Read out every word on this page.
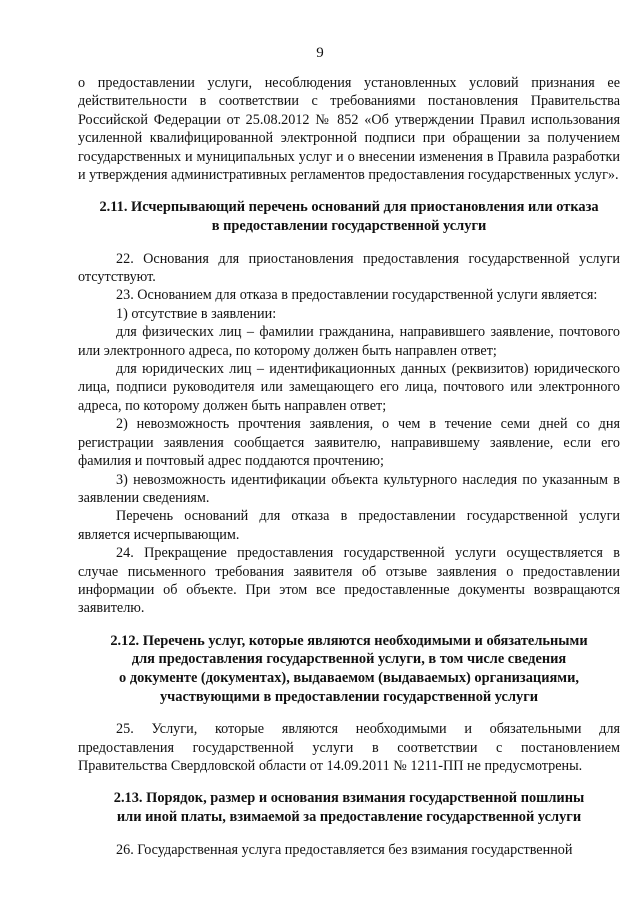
9

о предоставлении услуги, несоблюдения установленных условий признания ее действительности в соответствии с требованиями постановления Правительства Российской Федерации от 25.08.2012 № 852 «Об утверждении Правил использования усиленной квалифицированной электронной подписи при обращении за получением государственных и муниципальных услуг и о внесении изменения в Правила разработки и утверждения административных регламентов предоставления государственных услуг».

2.11. Исчерпывающий перечень оснований для приостановления или отказа

в предоставлении государственной услуги

22. Основания для приостановления предоставления государственной услуги отсутствуют.

23. Основанием для отказа в предоставлении государственной услуги является:

1) отсутствие в заявлении:

для физических лиц – фамилии гражданина, направившего заявление, почтового или электронного адреса, по которому должен быть направлен ответ;

для юридических лиц – идентификационных данных (реквизитов) юридического лица, подписи руководителя или замещающего его лица, почтового или электронного адреса, по которому должен быть направлен ответ;

2) невозможность прочтения заявления, о чем в течение семи дней со дня регистрации заявления сообщается заявителю, направившему заявление, если его фамилия и почтовый адрес поддаются прочтению;

3) невозможность идентификации объекта культурного наследия по указанным в заявлении сведениям.

Перечень оснований для отказа в предоставлении государственной услуги является исчерпывающим.

24. Прекращение предоставления государственной услуги осуществляется в случае письменного требования заявителя об отзыве заявления о предоставлении информации об объекте. При этом все предоставленные документы возвращаются заявителю.

2.12. Перечень услуг, которые являются необходимыми и обязательными

для предоставления государственной услуги, в том числе сведения

о документе (документах), выдаваемом (выдаваемых) организациями,

участвующими в предоставлении государственной услуги

25. Услуги, которые являются необходимыми и обязательными для предоставления государственной услуги в соответствии с постановлением Правительства Свердловской области от 14.09.2011 № 1211-ПП не предусмотрены.

2.13. Порядок, размер и основания взимания государственной пошлины

или иной платы, взимаемой за предоставление государственной услуги

26. Государственная услуга предоставляется без взимания государственной
